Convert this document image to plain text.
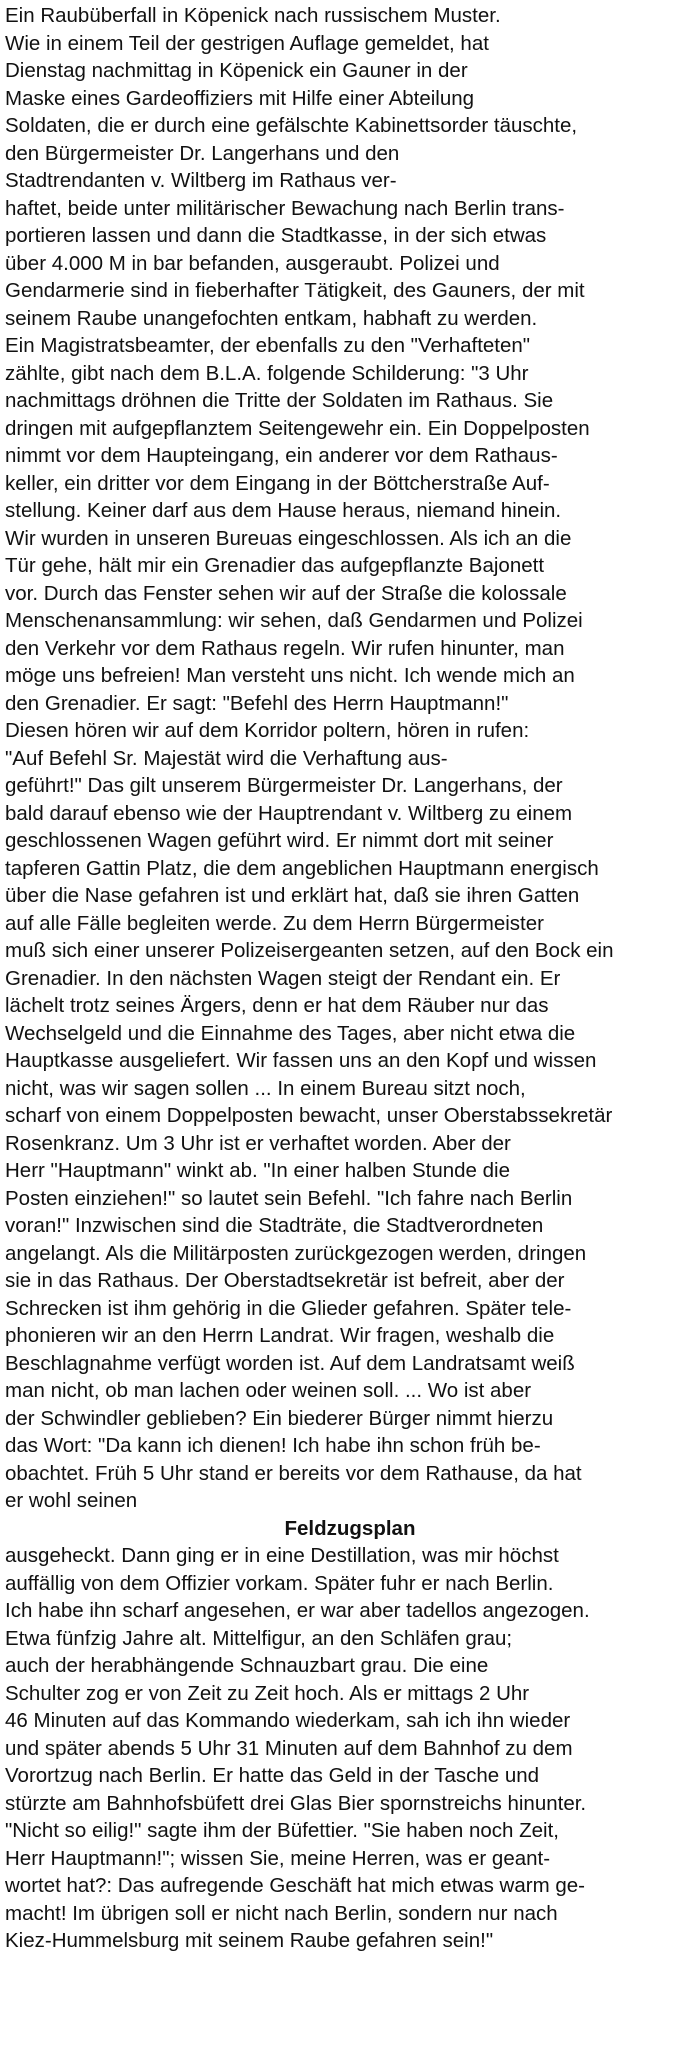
Ein Raubüberfall in Köpenick nach russischem Muster.
Wie in einem Teil der gestrigen Auflage gemeldet, hat
Dienstag nachmittag in Köpenick ein Gauner in der
Maske eines Gardeoffiziers mit Hilfe einer Abteilung
Soldaten, die er durch eine gefälschte Kabinettsorder täuschte,
den Bürgermeister Dr. Langerhans und den
Stadtrendanten v. Wiltberg im Rathaus ver-
haftet, beide unter militärischer Bewachung nach Berlin trans-
portieren lassen und dann die Stadtkasse, in der sich etwas
über 4.000 M in bar befanden, ausgeraubt. Polizei und
Gendarmerie sind in fieberhafter Tätigkeit, des Gauners, der mit
seinem Raube unangefochten entkam, habhaft zu werden.
Ein Magistratsbeamter, der ebenfalls zu den "Verhafteten"
zählte, gibt nach dem B.L.A. folgende Schilderung: "3 Uhr
nachmittags dröhnen die Tritte der Soldaten im Rathaus. Sie
dringen mit aufgepflanztem Seitengewehr ein. Ein Doppelposten
nimmt vor dem Haupteingang, ein anderer vor dem Rathaus-
keller, ein dritter vor dem Eingang in der Böttcherstraße Auf-
stellung. Keiner darf aus dem Hause heraus, niemand hinein.
Wir wurden in unseren Bureuas eingeschlossen. Als ich an die
Tür gehe, hält mir ein Grenadier das aufgepflanzte Bajonett
vor. Durch das Fenster sehen wir auf der Straße die kolossale
Menschenansammlung: wir sehen, daß Gendarmen und Polizei
den Verkehr vor dem Rathaus regeln. Wir rufen hinunter, man
möge uns befreien! Man versteht uns nicht. Ich wende mich an
den Grenadier. Er sagt: "Befehl des Herrn Hauptmann!"
Diesen hören wir auf dem Korridor poltern, hören in rufen:
"Auf Befehl Sr. Majestät wird die Verhaftung aus-
geführt!" Das gilt unserem Bürgermeister Dr. Langerhans, der
bald darauf ebenso wie der Hauptrendant v. Wiltberg zu einem
geschlossenen Wagen geführt wird. Er nimmt dort mit seiner
tapferen Gattin Platz, die dem angeblichen Hauptmann energisch
über die Nase gefahren ist und erklärt hat, daß sie ihren Gatten
auf alle Fälle begleiten werde. Zu dem Herrn Bürgermeister
muß sich einer unserer Polizeisergeanten setzen, auf den Bock ein
Grenadier. In den nächsten Wagen steigt der Rendant ein. Er
lächelt trotz seines Ärgers, denn er hat dem Räuber nur das
Wechselgeld und die Einnahme des Tages, aber nicht etwa die
Hauptkasse ausgeliefert. Wir fassen uns an den Kopf und wissen
nicht, was wir sagen sollen ... In einem Bureau sitzt noch,
scharf von einem Doppelposten bewacht, unser Oberstabssekretär
Rosenkranz. Um 3 Uhr ist er verhaftet worden. Aber der
Herr "Hauptmann" winkt ab. "In einer halben Stunde die
Posten einziehen!" so lautet sein Befehl. "Ich fahre nach Berlin
voran!" Inzwischen sind die Stadträte, die Stadtverordneten
angelangt. Als die Militärposten zurückgezogen werden, dringen
sie in das Rathaus. Der Oberstadtsekretär ist befreit, aber der
Schrecken ist ihm gehörig in die Glieder gefahren. Später tele-
phonieren wir an den Herrn Landrat. Wir fragen, weshalb die
Beschlagnahme verfügt worden ist. Auf dem Landratsamt weiß
man nicht, ob man lachen oder weinen soll. ... Wo ist aber
der Schwindler geblieben? Ein biederer Bürger nimmt hierzu
das Wort: "Da kann ich dienen! Ich habe ihn schon früh be-
obachtet. Früh 5 Uhr stand er bereits vor dem Rathause, da hat
er wohl seinen
Feldzugsplan
ausgeheckt. Dann ging er in eine Destillation, was mir höchst
auffällig von dem Offizier vorkam. Später fuhr er nach Berlin.
Ich habe ihn scharf angesehen, er war aber tadellos angezogen.
Etwa fünfzig Jahre alt. Mittelfigur, an den Schläfen grau;
auch der herabhängende Schnauzbart grau. Die eine
Schulter zog er von Zeit zu Zeit hoch. Als er mittags 2 Uhr
46 Minuten auf das Kommando wiederkam, sah ich ihn wieder
und später abends 5 Uhr 31 Minuten auf dem Bahnhof zu dem
Vorortzug nach Berlin. Er hatte das Geld in der Tasche und
stürzte am Bahnhofsbüfett drei Glas Bier spornstreichs hinunter.
"Nicht so eilig!" sagte ihm der Büfettier. "Sie haben noch Zeit,
Herr Hauptmann!"; wissen Sie, meine Herren, was er geant-
wortet hat?: Das aufregende Geschäft hat mich etwas warm ge-
macht! Im übrigen soll er nicht nach Berlin, sondern nur nach
Kiez-Hummelsburg mit seinem Raube gefahren sein!"
